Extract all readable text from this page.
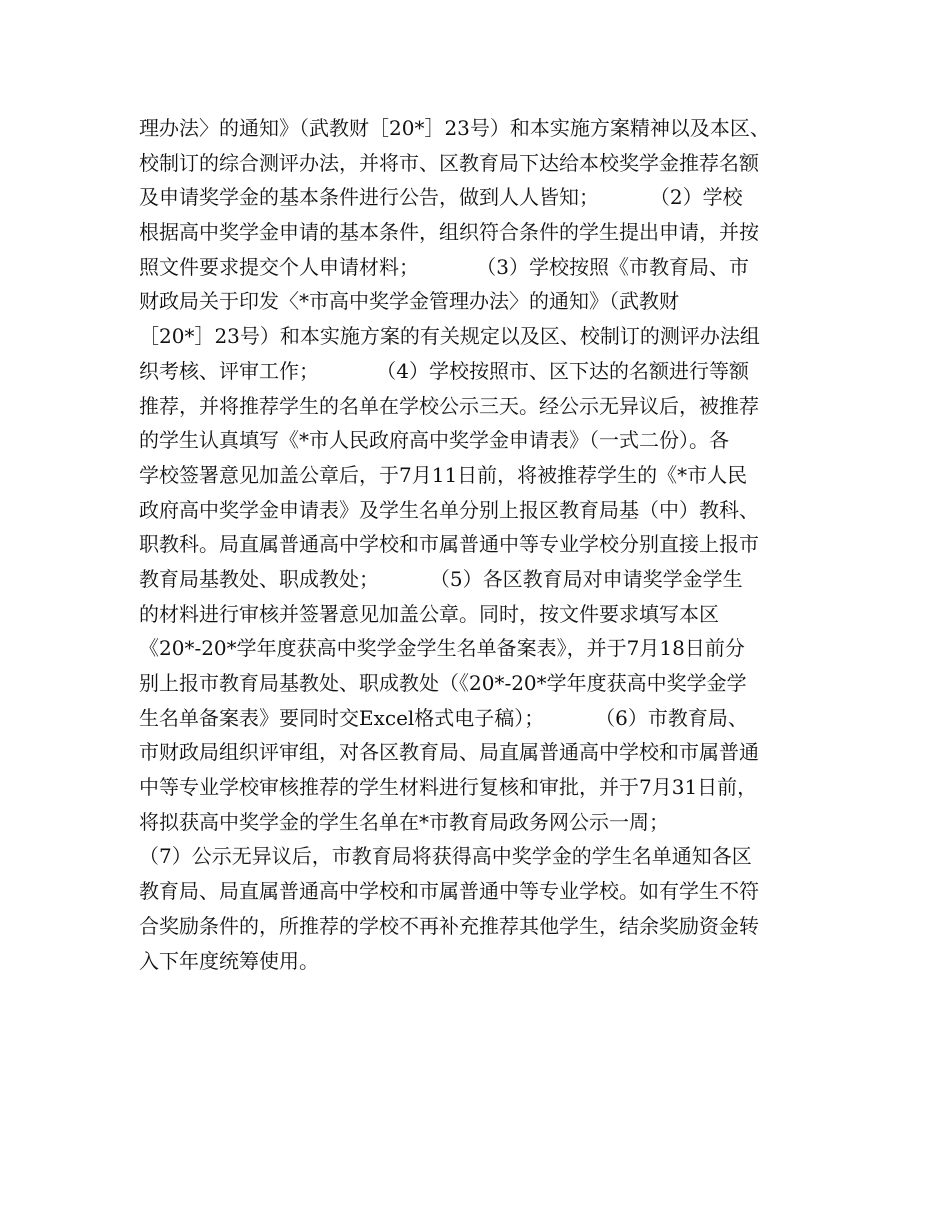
理办法〉的通知》（武教财［20*］23号）和本实施方案精神以及本区、
校制订的综合测评办法，并将市、区教育局下达给本校奖学金推荐名额
及申请奖学金的基本条件进行公告，做到人人皆知；        （2）学校
根据高中奖学金申请的基本条件，组织符合条件的学生提出申请，并按
照文件要求提交个人申请材料；         （3）学校按照《市教育局、市
财政局关于印发〈*市高中奖学金管理办法〉的通知》（武教财
［20*］23号）和本实施方案的有关规定以及区、校制订的测评办法组
织考核、评审工作；         （4）学校按照市、区下达的名额进行等额
推荐，并将推荐学生的名单在学校公示三天。经公示无异议后，被推荐
的学生认真填写《*市人民政府高中奖学金申请表》（一式二份）。各
学校签署意见加盖公章后，于7月11日前，将被推荐学生的《*市人民
政府高中奖学金申请表》及学生名单分别上报区教育局基（中）教科、
职教科。局直属普通高中学校和市属普通中等专业学校分别直接上报市
教育局基教处、职成教处；        （5）各区教育局对申请奖学金学生
的材料进行审核并签署意见加盖公章。同时，按文件要求填写本区
《20*-20*学年度获高中奖学金学生名单备案表》，并于7月18日前分
别上报市教育局基教处、职成教处（《20*-20*学年度获高中奖学金学
生名单备案表》要同时交Excel格式电子稿）；        （6）市教育局、
市财政局组织评审组，对各区教育局、局直属普通高中学校和市属普通
中等专业学校审核推荐的学生材料进行复核和审批，并于7月31日前，
将拟获高中奖学金的学生名单在*市教育局政务网公示一周；
（7）公示无异议后，市教育局将获得高中奖学金的学生名单通知各区
教育局、局直属普通高中学校和市属普通中等专业学校。如有学生不符
合奖励条件的，所推荐的学校不再补充推荐其他学生，结余奖励资金转
入下年度统筹使用。
